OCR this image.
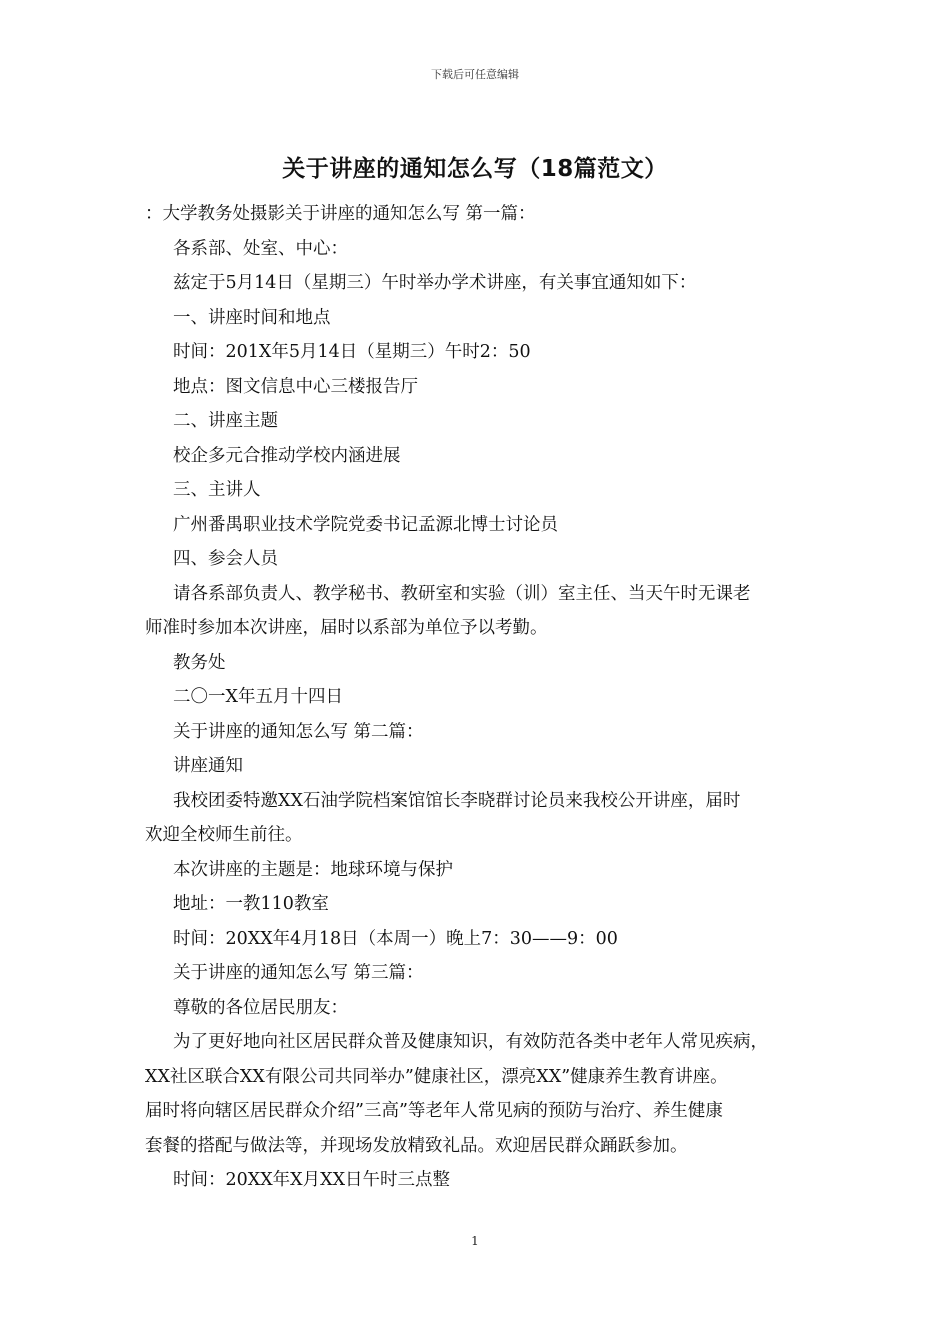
下载后可任意编辑
关于讲座的通知怎么写（18篇范文）
：大学教务处摄影关于讲座的通知怎么写 第一篇：
各系部、处室、中心：
兹定于5月14日（星期三）午时举办学术讲座，有关事宜通知如下：
一、讲座时间和地点
时间：201X年5月14日（星期三）午时2：50
地点：图文信息中心三楼报告厅
二、讲座主题
校企多元合推动学校内涵进展
三、主讲人
广州番禺职业技术学院党委书记孟源北博士讨论员
四、参会人员
请各系部负责人、教学秘书、教研室和实验（训）室主任、当天午时无课老
师准时参加本次讲座，届时以系部为单位予以考勤。
教务处
二〇一X年五月十四日
关于讲座的通知怎么写 第二篇：
讲座通知
我校团委特邀XX石油学院档案馆馆长李晓群讨论员来我校公开讲座，届时
欢迎全校师生前往。
本次讲座的主题是：地球环境与保护
地址：一教110教室
时间：20XX年4月18日（本周一）晚上7：30——9：00
关于讲座的通知怎么写 第三篇：
尊敬的各位居民朋友：
为了更好地向社区居民群众普及健康知识，有效防范各类中老年人常见疾病，
XX社区联合XX有限公司共同举办”健康社区，漂亮XX”健康养生教育讲座。
届时将向辖区居民群众介绍”三高”等老年人常见病的预防与治疗、养生健康
套餐的搭配与做法等，并现场发放精致礼品。欢迎居民群众踊跃参加。
时间：20XX年X月XX日午时三点整
1
